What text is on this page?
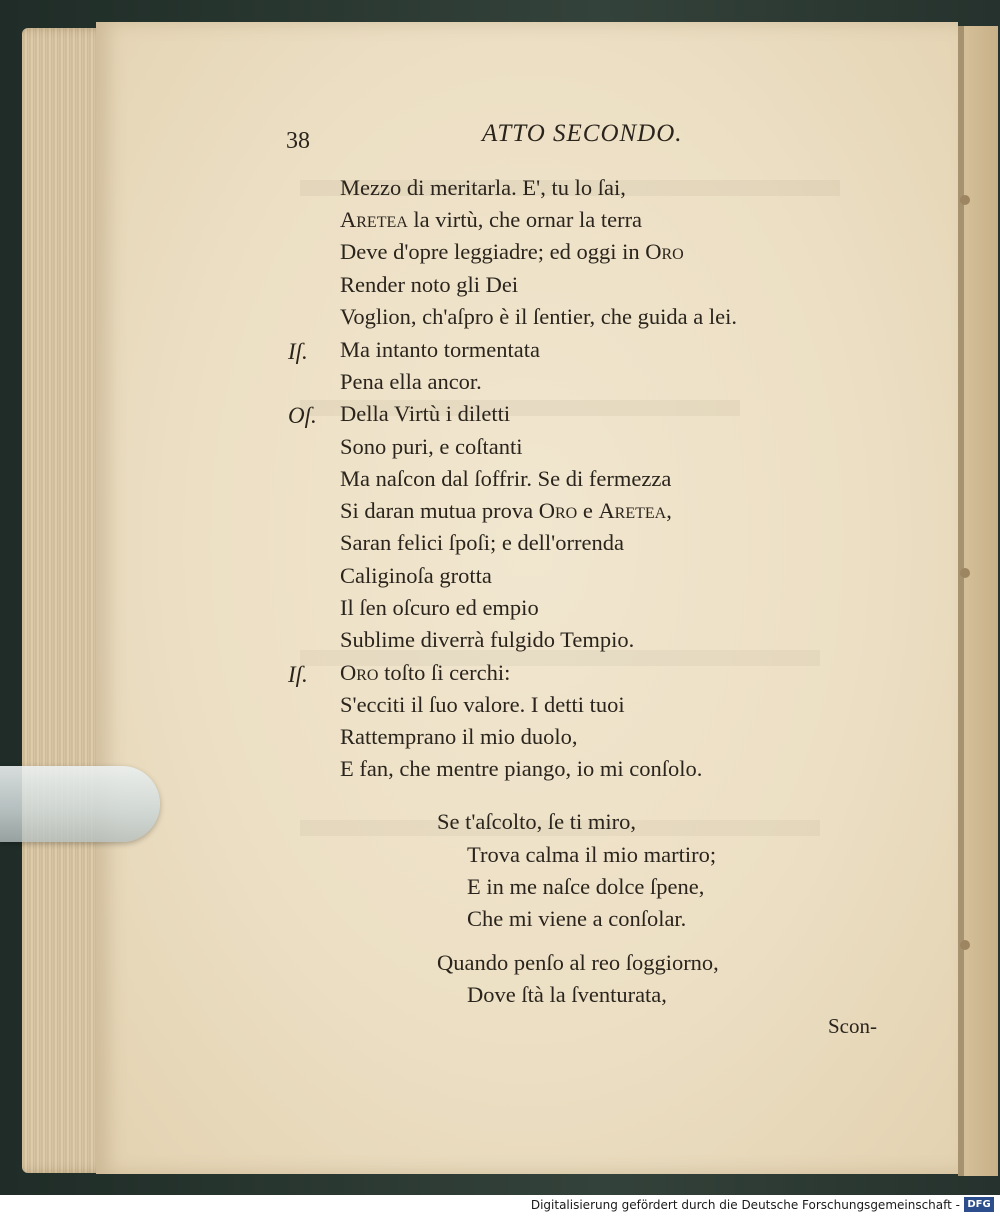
38	ATTO SECONDO.
Mezzo di meritarla. E', tu lo ſai,
Aretea la virtù, che ornar la terra
Deve d'opre leggiadre; ed oggi in Oro
Render noto gli Dei
Voglion, ch'aſpro è il ſentier, che guida a lei.
Iſ. Ma intanto tormentata
Pena ella ancor.
Oſ. Della Virtù i diletti
Sono puri, e coſtanti
Ma naſcon dal ſoffrir. Se di fermezza
Si daran mutua prova Oro e Aretea,
Saran felici ſpoſi; e dell'orrenda
Caliginoſa grotta
Il ſen oſcuro ed empio
Sublime diverrà fulgido Tempio.
Iſ. Oro toſto ſi cerchi:
S'ecciti il ſuo valore. I detti tuoi
Rattemprano il mio duolo,
E fan, che mentre piango, io mi conſolo.
Se t'aſcolto, ſe ti miro,
Trova calma il mio martiro;
E in me naſce dolce ſpene,
Che mi viene a conſolar.
Quando penſo al reo ſoggiorno,
Dove ſtà la ſventurata,
Scon-
Digitalisierung gefördert durch die Deutsche Forschungsgemeinschaft - DFG
